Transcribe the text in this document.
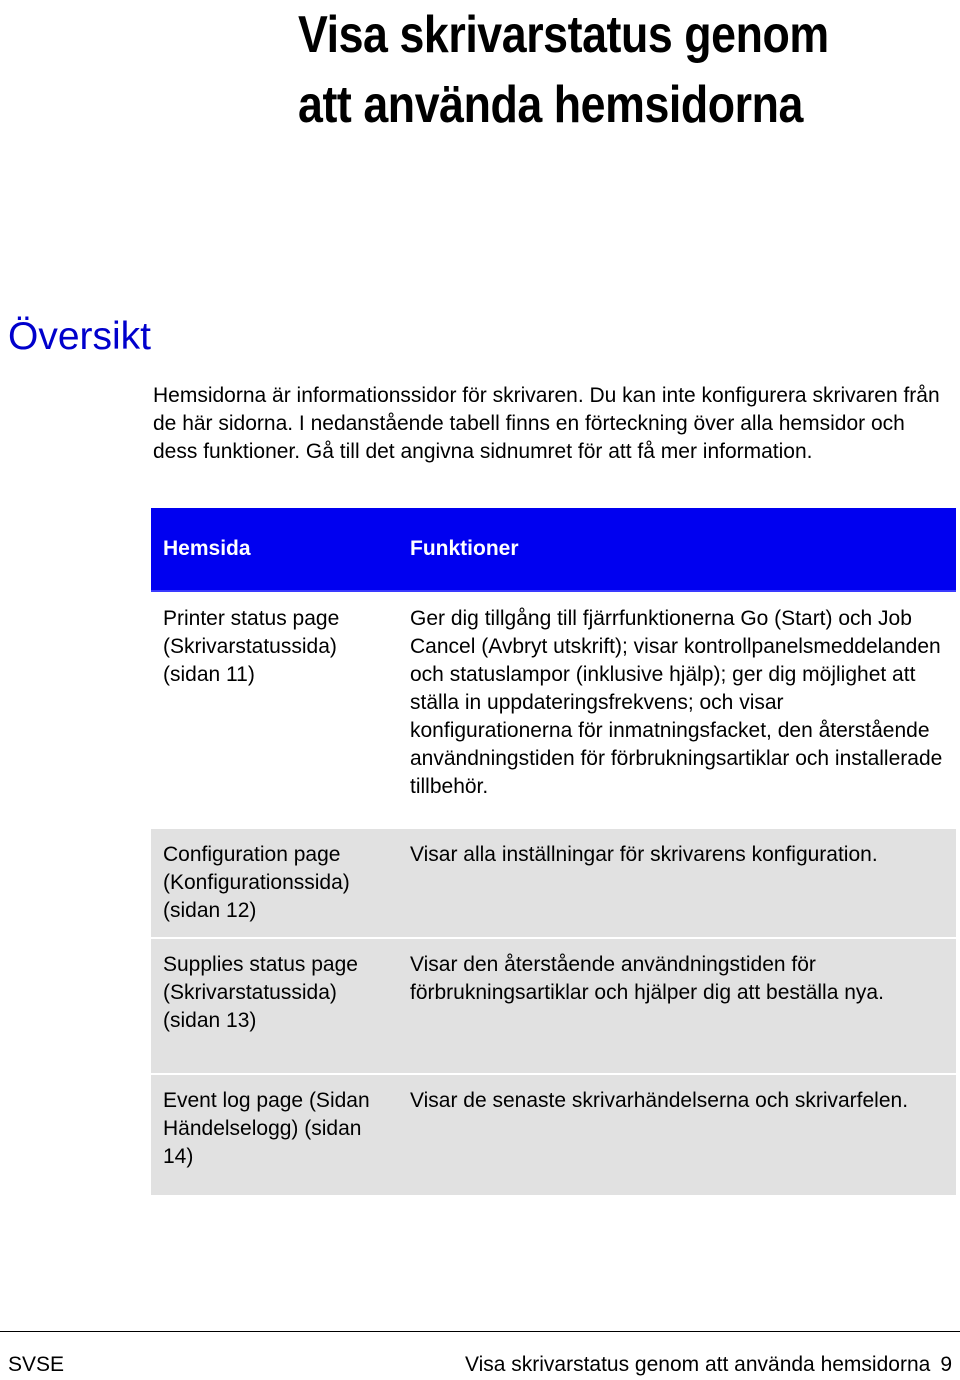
Visa skrivarstatus genom
att använda hemsidorna
Översikt

Hemsidorna är informationssidor för skrivaren. Du kan inte konfigurera skrivaren från de här sidorna. I nedanstående tabell finns en förteckning över alla hemsidor och dess funktioner. Gå till det angivna sidnumret för att få mer information.

Hemsida	Funktioner
Printer status page (Skrivarstatussida) (sidan 11)	Ger dig tillgång till fjärrfunktionerna Go (Start) och Job Cancel (Avbryt utskrift); visar kontrollpanelsmeddelanden och statuslampor (inklusive hjälp); ger dig möjlighet att ställa in uppdateringsfrekvens; och visar konfigurationerna för inmatningsfacket, den återstående användningstiden för förbrukningsartiklar och installerade tillbehör.
Configuration page (Konfigurationssida) (sidan 12)	Visar alla inställningar för skrivarens konfiguration.
Supplies status page (Skrivarstatussida) (sidan 13)	Visar den återstående användningstiden för förbrukningsartiklar och hjälper dig att beställa nya.
Event log page (Sidan Händelselogg) (sidan 14)	Visar de senaste skrivarhändelserna och skrivarfelen.
SVSE	Visa skrivarstatus genom att använda hemsidorna 9
